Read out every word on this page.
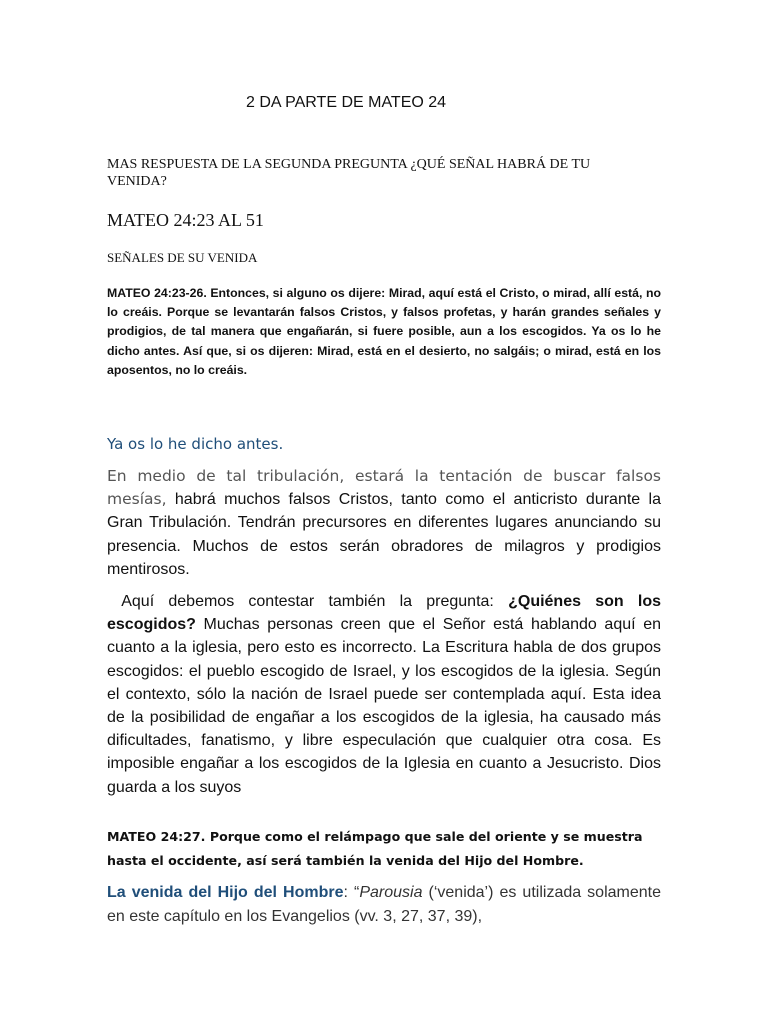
2 DA PARTE DE MATEO 24
MAS RESPUESTA DE LA SEGUNDA PREGUNTA ¿QUÉ SEÑAL HABRÁ DE TU VENIDA?
MATEO 24:23 AL 51
SEÑALES DE SU VENIDA
MATEO 24:23-26. Entonces, si alguno os dijere: Mirad, aquí está el Cristo, o mirad, allí está, no lo creáis. Porque se levantarán falsos Cristos, y falsos profetas, y harán grandes señales y prodigios, de tal manera que engañarán, si fuere posible, aun a los escogidos. Ya os lo he dicho antes. Así que, si os dijeren: Mirad, está en el desierto, no salgáis; o mirad, está en los aposentos, no lo creáis.
Ya os lo he dicho antes.
En medio de tal tribulación, estará la tentación de buscar falsos mesías, habrá muchos falsos Cristos, tanto como el anticristo durante la Gran Tribulación. Tendrán precursores en diferentes lugares anunciando su presencia. Muchos de estos serán obradores de milagros y prodigios mentirosos.
Aquí debemos contestar también la pregunta: ¿Quiénes son los escogidos? Muchas personas creen que el Señor está hablando aquí en cuanto a la iglesia, pero esto es incorrecto. La Escritura habla de dos grupos escogidos: el pueblo escogido de Israel, y los escogidos de la iglesia. Según el contexto, sólo la nación de Israel puede ser contemplada aquí. Esta idea de la posibilidad de engañar a los escogidos de la iglesia, ha causado más dificultades, fanatismo, y libre especulación que cualquier otra cosa. Es imposible engañar a los escogidos de la Iglesia en cuanto a Jesucristo. Dios guarda a los suyos
MATEO 24:27. Porque como el relámpago que sale del oriente y se muestra hasta el occidente, así será también la venida del Hijo del Hombre.
La venida del Hijo del Hombre: “Parousia (‘venida’) es utilizada solamente en este capítulo en los Evangelios (vv. 3, 27, 37, 39),
